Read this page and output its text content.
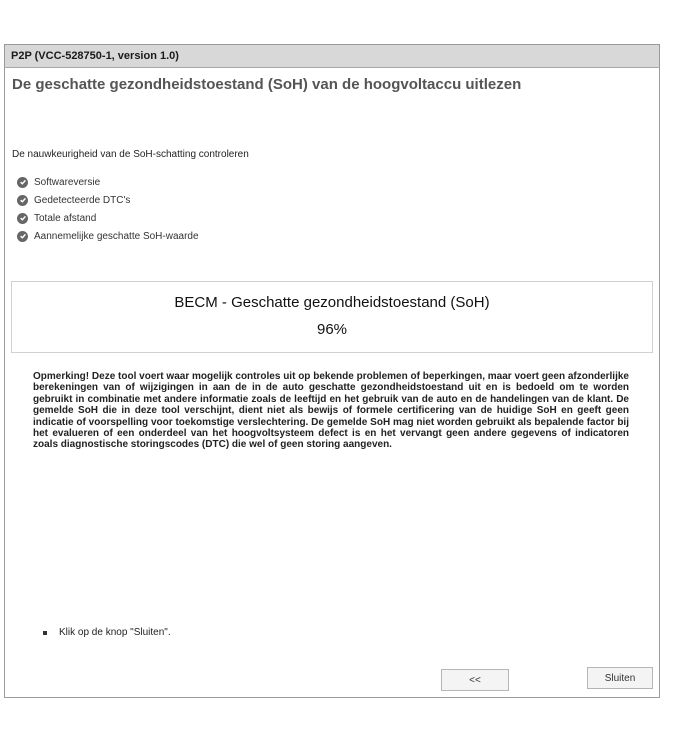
P2P (VCC-528750-1, version 1.0)
De geschatte gezondheidstoestand (SoH) van de hoogvoltaccu uitlezen
De nauwkeurigheid van de SoH-schatting controleren
Softwareversie
Gedetecteerde DTC's
Totale afstand
Aannemelijke geschatte SoH-waarde
BECM - Geschatte gezondheidstoestand (SoH)
96%
Opmerking! Deze tool voert waar mogelijk controles uit op bekende problemen of beperkingen, maar voert geen afzonderlijke berekeningen van of wijzigingen in aan de in de auto geschatte gezondheidstoestand uit en is bedoeld om te worden gebruikt in combinatie met andere informatie zoals de leeftijd en het gebruik van de auto en de handelingen van de klant. De gemelde SoH die in deze tool verschijnt, dient niet als bewijs of formele certificering van de huidige SoH en geeft geen indicatie of voorspelling voor toekomstige verslechtering. De gemelde SoH mag niet worden gebruikt als bepalende factor bij het evalueren of een onderdeel van het hoogvoltsysteem defect is en het vervangt geen andere gegevens of indicatoren zoals diagnostische storingscodes (DTC) die wel of geen storing aangeven.
Klik op de knop "Sluiten".
<<	Sluiten
